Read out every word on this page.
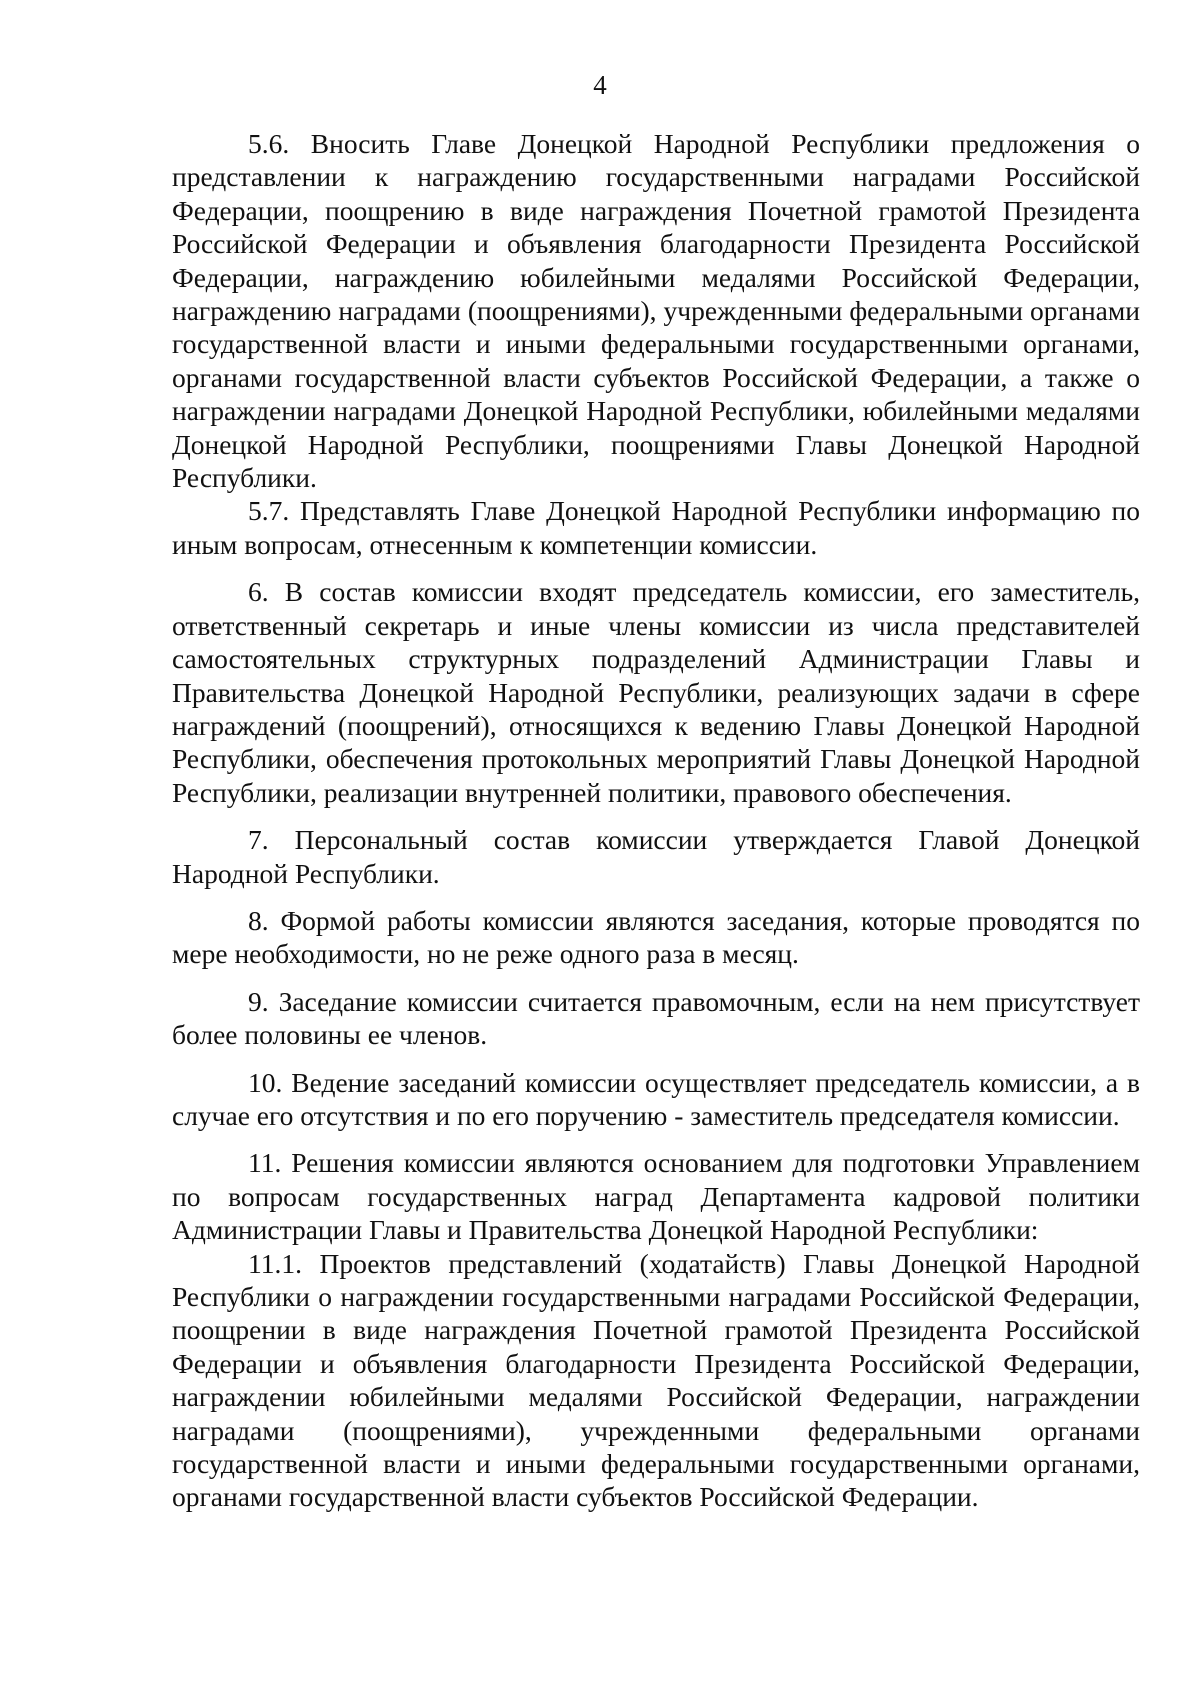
4

5.6. Вносить Главе Донецкой Народной Республики предложения о представлении к награждению государственными наградами Российской Федерации, поощрению в виде награждения Почетной грамотой Президента Российской Федерации и объявления благодарности Президента Российской Федерации, награждению юбилейными медалями Российской Федерации, награждению наградами (поощрениями), учрежденными федеральными органами государственной власти и иными федеральными государственными органами, органами государственной власти субъектов Российской Федерации, а также о награждении наградами Донецкой Народной Республики, юбилейными медалями Донецкой Народной Республики, поощрениями Главы Донецкой Народной Республики.

5.7. Представлять Главе Донецкой Народной Республики информацию по иным вопросам, отнесенным к компетенции комиссии.

6. В состав комиссии входят председатель комиссии, его заместитель, ответственный секретарь и иные члены комиссии из числа представителей самостоятельных структурных подразделений Администрации Главы и Правительства Донецкой Народной Республики, реализующих задачи в сфере награждений (поощрений), относящихся к ведению Главы Донецкой Народной Республики, обеспечения протокольных мероприятий Главы Донецкой Народной Республики, реализации внутренней политики, правового обеспечения.

7. Персональный состав комиссии утверждается Главой Донецкой Народной Республики.

8. Формой работы комиссии являются заседания, которые проводятся по мере необходимости, но не реже одного раза в месяц.

9. Заседание комиссии считается правомочным, если на нем присутствует более половины ее членов.

10. Ведение заседаний комиссии осуществляет председатель комиссии, а в случае его отсутствия и по его поручению - заместитель председателя комиссии.

11. Решения комиссии являются основанием для подготовки Управлением по вопросам государственных наград Департамента кадровой политики Администрации Главы и Правительства Донецкой Народной Республики:

11.1. Проектов представлений (ходатайств) Главы Донецкой Народной Республики о награждении государственными наградами Российской Федерации, поощрении в виде награждения Почетной грамотой Президента Российской Федерации и объявления благодарности Президента Российской Федерации, награждении юбилейными медалями Российской Федерации, награждении наградами (поощрениями), учрежденными федеральными органами государственной власти и иными федеральными государственными органами, органами государственной власти субъектов Российской Федерации.
